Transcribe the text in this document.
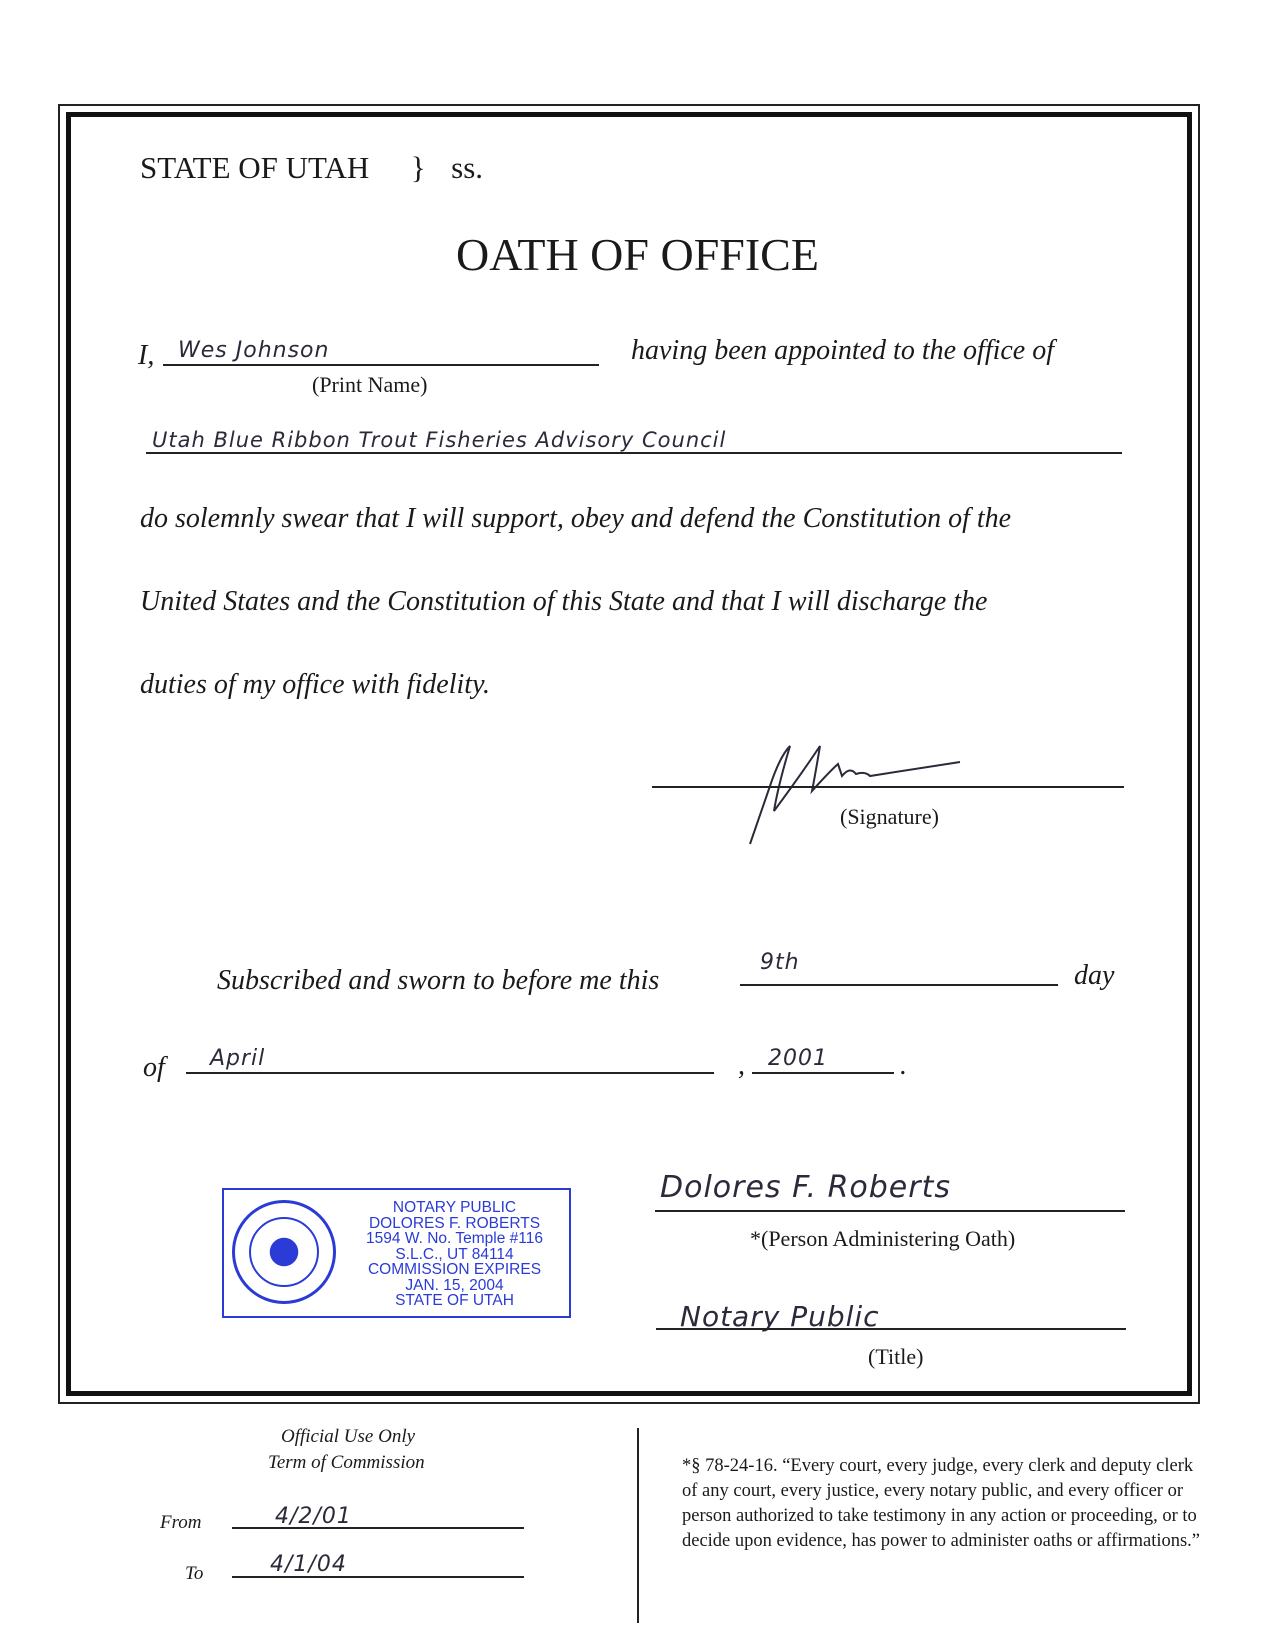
STATE OF UTAH } ss.
OATH OF OFFICE
I, Wes Johnson	having been appointed to the office of
(Print Name)
Utah Blue Ribbon Trout Fisheries Advisory Council
do solemnly swear that I will support, obey and defend the Constitution of the
United States and the Constitution of this State and that I will discharge the
duties of my office with fidelity.
(Signature)
Subscribed and sworn to before me this
9th	day
of April	, 2001	.
NOTARY PUBLIC
DOLORES F. ROBERTS
1594 W. No. Temple #116
S.L.C., UT 84114
COMMISSION EXPIRES
JAN. 15, 2004
STATE OF UTAH
Dolores F. Roberts
*(Person Administering Oath)
Notary Public
(Title)
Official Use Only
Term of Commission
From	4/2/01
To	4/1/04
*§ 78-24-16. “Every court, every judge, every clerk and deputy clerk of any court, every justice, every notary public, and every officer or person authorized to take testimony in any action or proceeding, or to decide upon evidence, has power to administer oaths or affirmations.”
